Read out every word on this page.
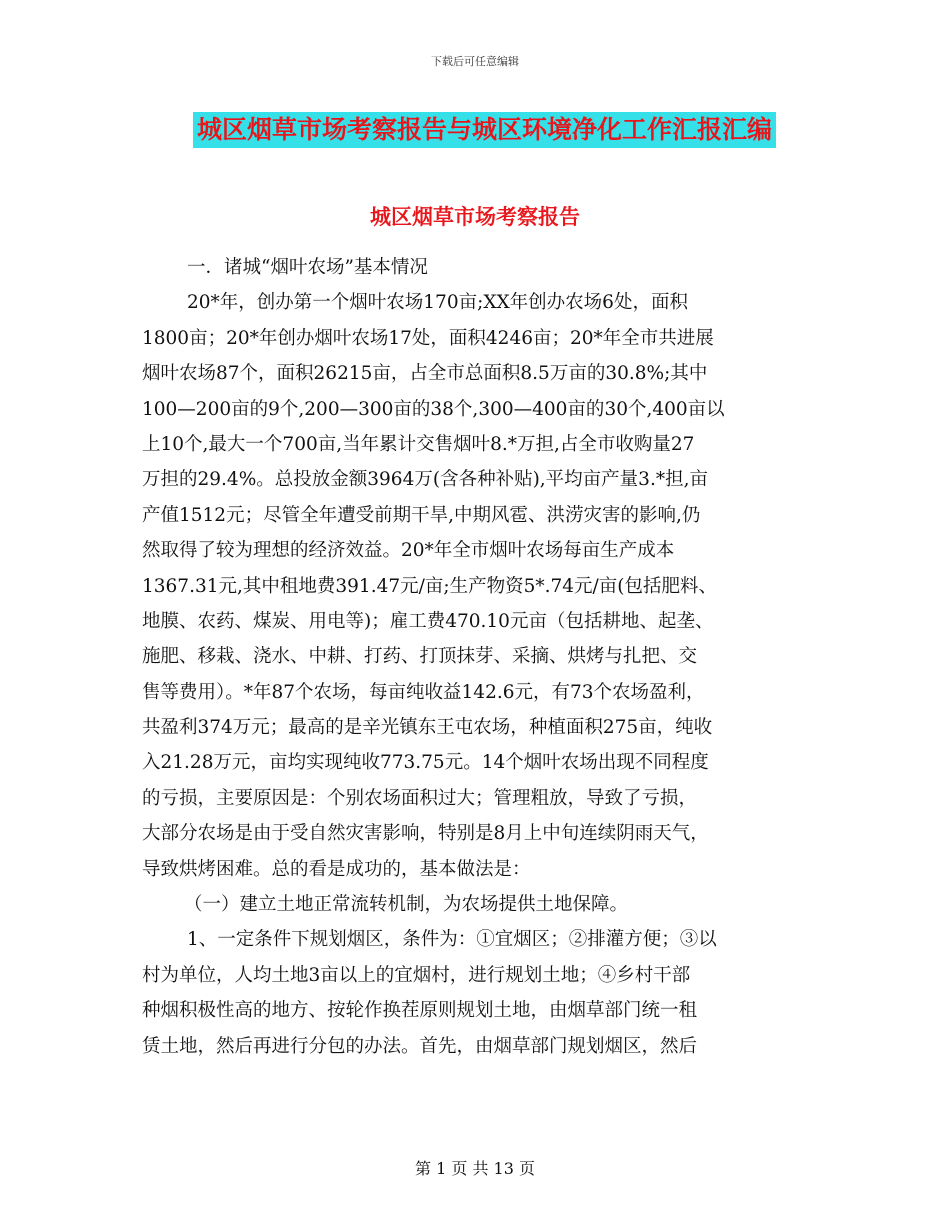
下载后可任意编辑
城区烟草市场考察报告与城区环境净化工作汇报汇编
城区烟草市场考察报告
一．诸城“烟叶农场”基本情况
20*年，创办第一个烟叶农场170亩;XX年创办农场6处，面积
1800亩；20*年创办烟叶农场17处，面积4246亩；20*年全市共进展
烟叶农场87个，面积26215亩，占全市总面积8.5万亩的30.8%;其中
100—200亩的9个,200—300亩的38个,300—400亩的30个,400亩以
上10个,最大一个700亩,当年累计交售烟叶8.*万担,占全市收购量27
万担的29.4%。总投放金额3964万(含各种补贴),平均亩产量3.*担,亩
产值1512元；尽管全年遭受前期干旱,中期风雹、洪涝灾害的影响,仍
然取得了较为理想的经济效益。20*年全市烟叶农场每亩生产成本
1367.31元,其中租地费391.47元/亩;生产物资5*.74元/亩(包括肥料、
地膜、农药、煤炭、用电等)；雇工费470.10元亩（包括耕地、起垄、
施肥、移栽、浇水、中耕、打药、打顶抹芽、采摘、烘烤与扎把、交
售等费用）。*年87个农场，每亩纯收益142.6元，有73个农场盈利，
共盈利374万元；最高的是辛光镇东王屯农场，种植面积275亩，纯收
入21.28万元，亩均实现纯收773.75元。14个烟叶农场出现不同程度
的亏损，主要原因是：个别农场面积过大；管理粗放，导致了亏损，
大部分农场是由于受自然灾害影响，特别是8月上中旬连续阴雨天气，
导致烘烤困难。总的看是成功的，基本做法是：
（一）建立土地正常流转机制，为农场提供土地保障。
1、一定条件下规划烟区，条件为：①宜烟区；②排灌方便；③以
村为单位，人均土地3亩以上的宜烟村，进行规划土地；④乡村干部
种烟积极性高的地方、按轮作换茬原则规划土地，由烟草部门统一租
赁土地，然后再进行分包的办法。首先，由烟草部门规划烟区，然后
第 1 页 共 13 页
